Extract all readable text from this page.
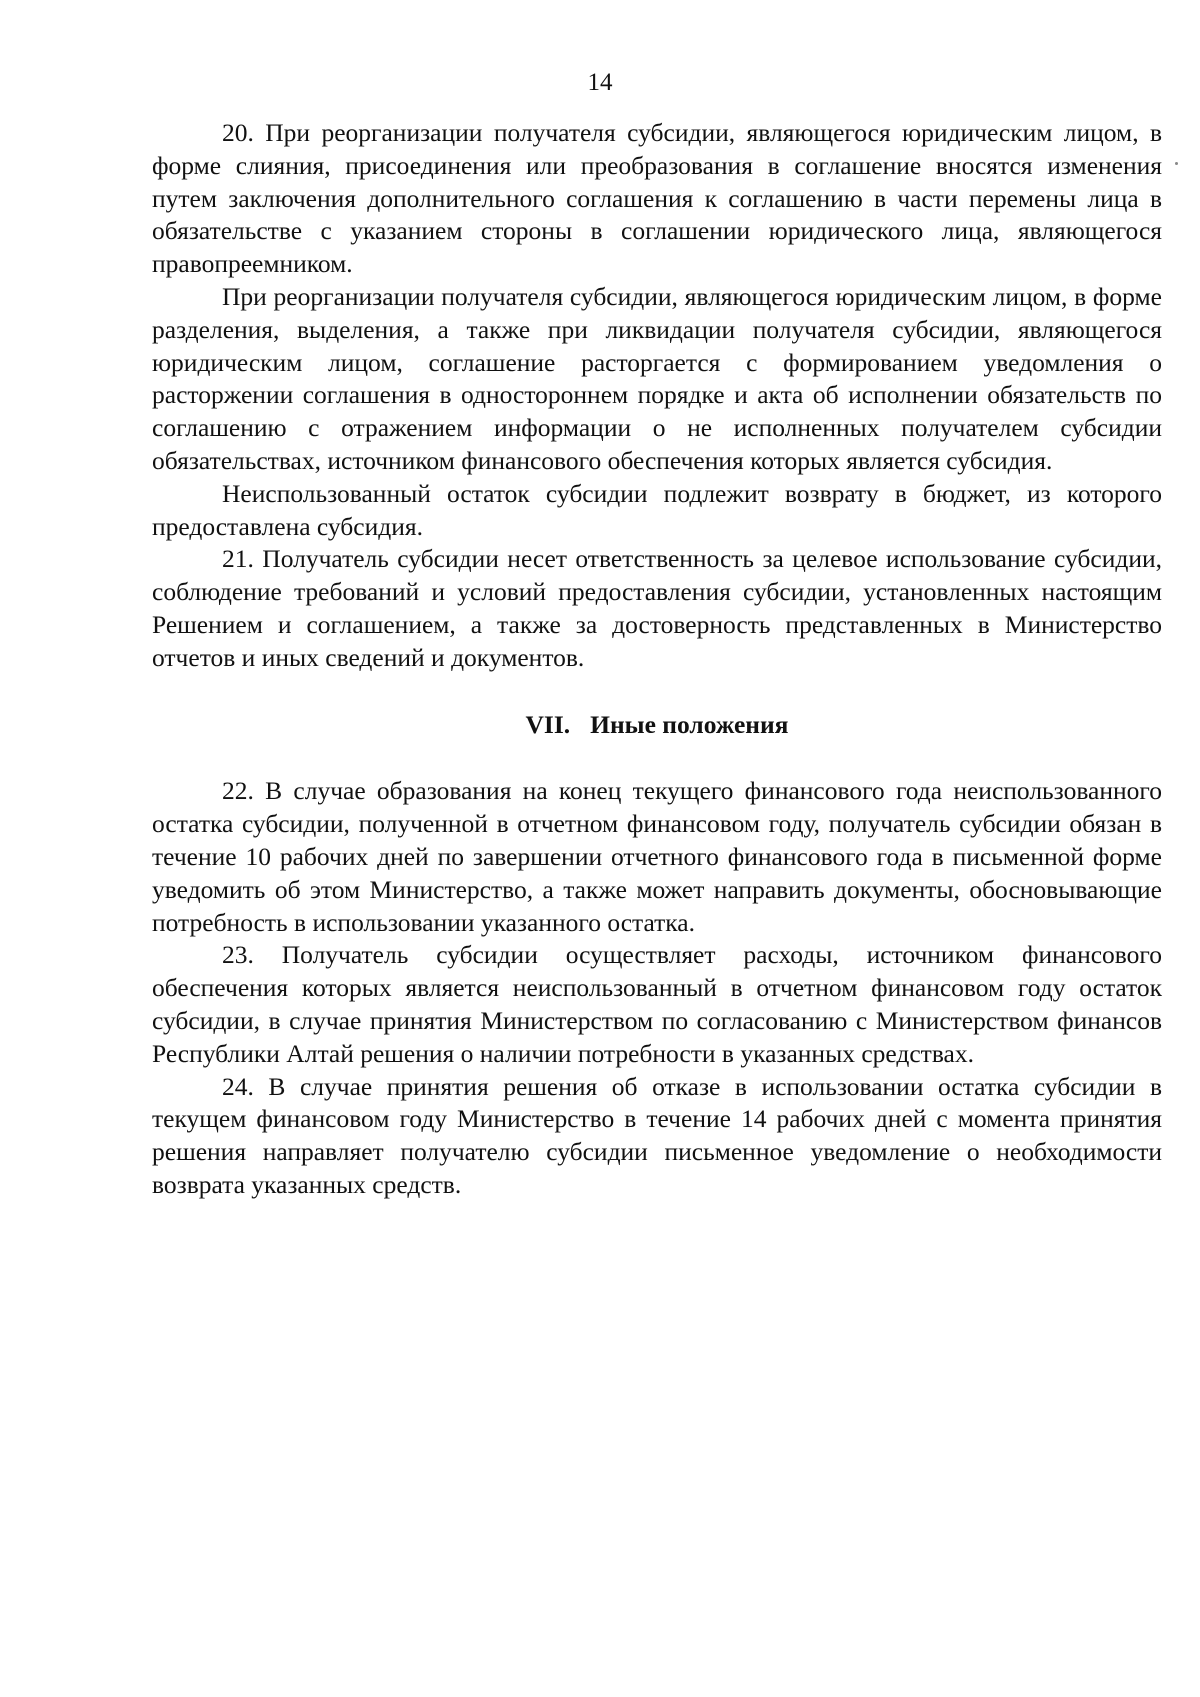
14

20. При реорганизации получателя субсидии, являющегося юридическим лицом, в форме слияния, присоединения или преобразования в соглашение вносятся изменения путем заключения дополнительного соглашения к соглашению в части перемены лица в обязательстве с указанием стороны в соглашении юридического лица, являющегося правопреемником.

При реорганизации получателя субсидии, являющегося юридическим лицом, в форме разделения, выделения, а также при ликвидации получателя субсидии, являющегося юридическим лицом, соглашение расторгается с формированием уведомления о расторжении соглашения в одностороннем порядке и акта об исполнении обязательств по соглашению с отражением информации о не исполненных получателем субсидии обязательствах, источником финансового обеспечения которых является субсидия.

Неиспользованный остаток субсидии подлежит возврату в бюджет, из которого предоставлена субсидия.

21. Получатель субсидии несет ответственность за целевое использование субсидии, соблюдение требований и условий предоставления субсидии, установленных настоящим Решением и соглашением, а также за достоверность представленных в Министерство отчетов и иных сведений и документов.

VII. Иные положения

22. В случае образования на конец текущего финансового года неиспользованного остатка субсидии, полученной в отчетном финансовом году, получатель субсидии обязан в течение 10 рабочих дней по завершении отчетного финансового года в письменной форме уведомить об этом Министерство, а также может направить документы, обосновывающие потребность в использовании указанного остатка.

23. Получатель субсидии осуществляет расходы, источником финансового обеспечения которых является неиспользованный в отчетном финансовом году остаток субсидии, в случае принятия Министерством по согласованию с Министерством финансов Республики Алтай решения о наличии потребности в указанных средствах.

24. В случае принятия решения об отказе в использовании остатка субсидии в текущем финансовом году Министерство в течение 14 рабочих дней с момента принятия решения направляет получателю субсидии письменное уведомление о необходимости возврата указанных средств.
